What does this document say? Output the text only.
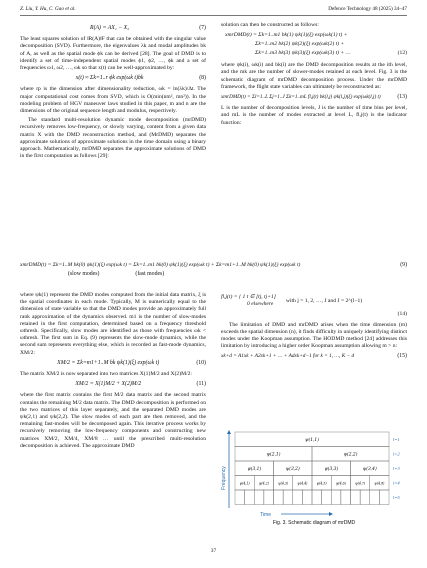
Z. Liu, Y. Hu, C. Gao et al.	Defence Technology 48 (2025) 34–47
R(A) = AX₁ − X₂	(7)

The least squares solution of ‖R(A)‖F that can be obtained with the singular value decomposition (SVD). Furthermore, the eigenvalues λk and modal amplitudes bk of A, as well as the spatial mode ϕk can be derived [28]. The goal of DMD is to identify a set of time-independent spatial modes ϕ1, ϕ2, …, ϕk and a set of frequencies ω1, ω2, …, ωk so that x(t) can be well-approximated by:

x(t) ≈ Σk=1..r ϕk exp(ωk t)bk	(8)

where rp is the dimension after dimensionality reduction, ωk = ln(λk)/Δt. The major computational cost comes from SVD, which is O(min(nm², mn²)). In the modeling problem of HGV maneuver laws studied in this paper, m and n are the dimensions of the original sequence length and modulus, respectively.

The standard multi-resolution dynamic mode decomposition (mrDMD) recursively removes low-frequency, or slowly varying, content from a given data matrix X with the DMD reconstruction method, and (MrDMD) separates the approximate solutions of approximate solutions in the time domain using a binary approach. Mathematically, mrDMD separates the approximate solutions of DMD in the first computation as follows [29]:

solution can then be constructed as follows:

xmrDMD(t) = Σk=1..m1 bk(1) ψk(1)(ξ) exp(ωk(1) t) +
Σk=1..m2 bk(2) ψk(2)(ξ) exp(ωk(2) t) +
Σk=1..m3 bk(3) ψk(3)(ξ) exp(ωk(3) t) + …	(12)

where ψk(i), ωk(i) and bk(i) are the DMD decomposition results at the ith level, and the mk are the number of slower-modes retained at each level. Fig. 3 is the schematic diagram of mrDMD decomposition process. Under the mrDMD framework, the flight state variables can ultimately be reconstructed as:

xmrDMD(t) = Σl=1..L Σj=1..J Σk=1..mL fl,j(t) bk(l,j) ψk(l,j)(ξ) exp(ωk(l,j) t)	(13)

L is the number of decomposition levels, J is the number of time bins per level, and mL is the number of modes extracted at level L, fl,j(t) is the indicator function:

xmrDMD(t) = Σk=1..M bk(0) ψk(1)(ξ) exp(ωk t) = Σk=1..m1 bk(0) ψk(1)(ξ) exp(ωk t) + Σk=m1+1..M bk(0) ψk(1)(ξ) exp(ωk t)	(9)
(slow modes)	(fast modes)

where ψk(1) represent the DMD modes computed from the initial data matrix, ξ is the spatial coordinates in each mode. Typically, M is numerically equal to the dimension of state variable so that the DMD modes provide an approximately full rank approximation of the dynamics observed. m1 is the number of slow-modes retained in the first computation, determined based on a frequency threshold ωthresh. Specifically, slow modes are identified as those with frequencies ωk < ωthresh. The first sum in Eq. (9) represents the slow-mode dynamics, while the second sum represents everything else, which is recorded as fast-mode dynamics, XM/2:

XM/2 = Σk=m1+1..M bk ψk(1)(ξ) exp(ωk t)	(10)

The matrix XM/2 is now separated into two matrices X(1)M/2 and X(2)M/2:

XM/2 = X(1)M/2 + X(2)M/2	(11)

where the first matrix contains the first M/2 data matrix and the second matrix contains the remaining M/2 data matrix. The DMD decomposition is performed on the two matrices of this layer separately, and the separated DMD modes are ψk(2,1) and ψk(2,2). The slow modes of each part are then removed, and the remaining fast-modes will be decomposed again. This iterative process works by recursively removing the low-frequency components and constructing new matrices XM/2, XM/4, XM/8 … until the prescribed multi-resolution decomposition is achieved. The approximate DMD

fl,j(t) = { 1 t ∈ [tj, tj+1]
0 elsewhere
with j = 1, 2, …, J and J = 2^(l−1)
(14)

The limitation of DMD and mrDMD arises when the time dimension (m) exceeds the spatial dimension (n), it finds difficulty in uniquely identifying distinct modes under the Koopman assumption. The HODMD method [24] addresses this limitation by introducing a higher order Koopman assumption allowing m > n:

xk+d = A1xk + A2xk+1 + … + Adxk+d−1 for k = 1, …, K − d	(15)
ψ(1,1)	l=1
ψ(2,1)	ψ(2,2)	l=2
ψ(3,1)	ψ(3,2)	ψ(3,3)	ψ(3,4)	l=3
ψ(4,1)	ψ(4,2)	ψ(4,3)	ψ(4,4)	ψ(4,5)	ψ(4,6)	ψ(4,7)	ψ(4,8) l=4
l=5
Frequency
Time
Fig. 3. Schematic diagram of mrDMD
37
